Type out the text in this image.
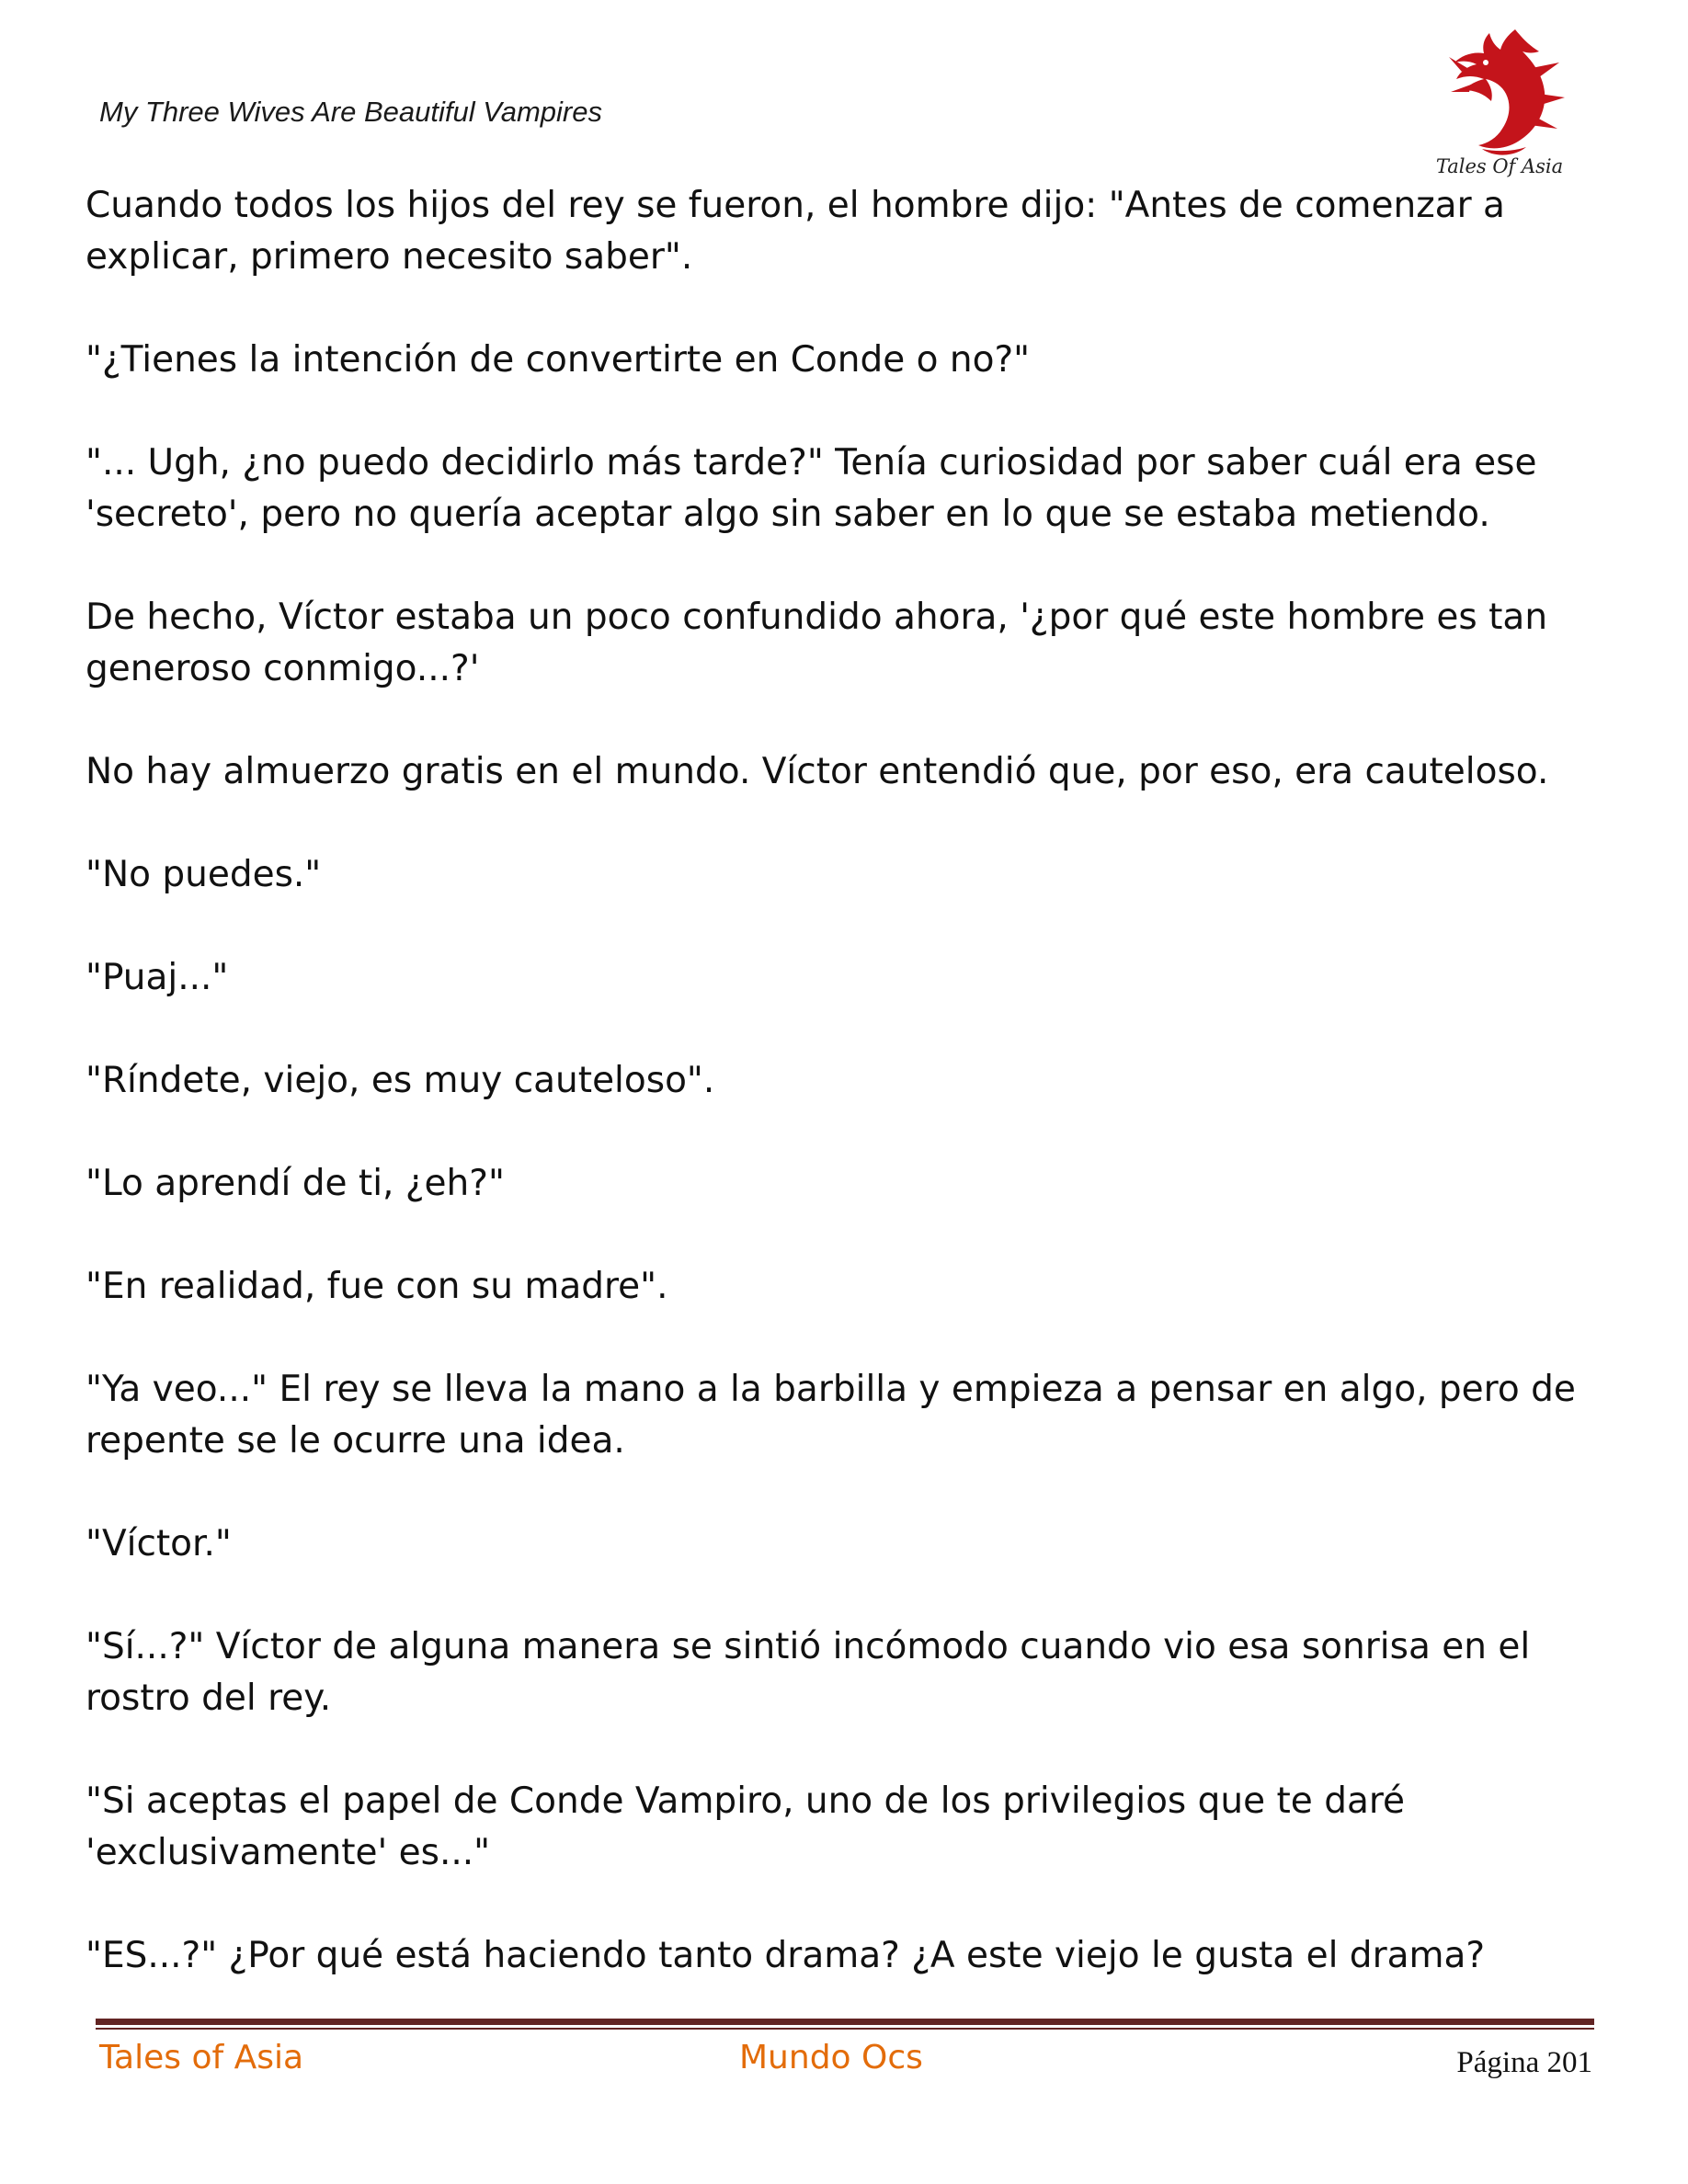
My Three Wives Are Beautiful Vampires
Tales Of Asia

Cuando todos los hijos del rey se fueron, el hombre dijo: "Antes de comenzar a explicar, primero necesito saber".

"¿Tienes la intención de convertirte en Conde o no?"

"... Ugh, ¿no puedo decidirlo más tarde?" Tenía curiosidad por saber cuál era ese 'secreto', pero no quería aceptar algo sin saber en lo que se estaba metiendo.

De hecho, Víctor estaba un poco confundido ahora, '¿por qué este hombre es tan generoso conmigo...?'

No hay almuerzo gratis en el mundo. Víctor entendió que, por eso, era cauteloso.

"No puedes."

"Puaj..."

"Ríndete, viejo, es muy cauteloso".

"Lo aprendí de ti, ¿eh?"

"En realidad, fue con su madre".

"Ya veo..." El rey se lleva la mano a la barbilla y empieza a pensar en algo, pero de repente se le ocurre una idea.

"Víctor."

"Sí...?" Víctor de alguna manera se sintió incómodo cuando vio esa sonrisa en el rostro del rey.

"Si aceptas el papel de Conde Vampiro, uno de los privilegios que te daré 'exclusivamente' es..."

"ES...?" ¿Por qué está haciendo tanto drama? ¿A este viejo le gusta el drama?

Tales of Asia	Mundo Ocs	Página 201
